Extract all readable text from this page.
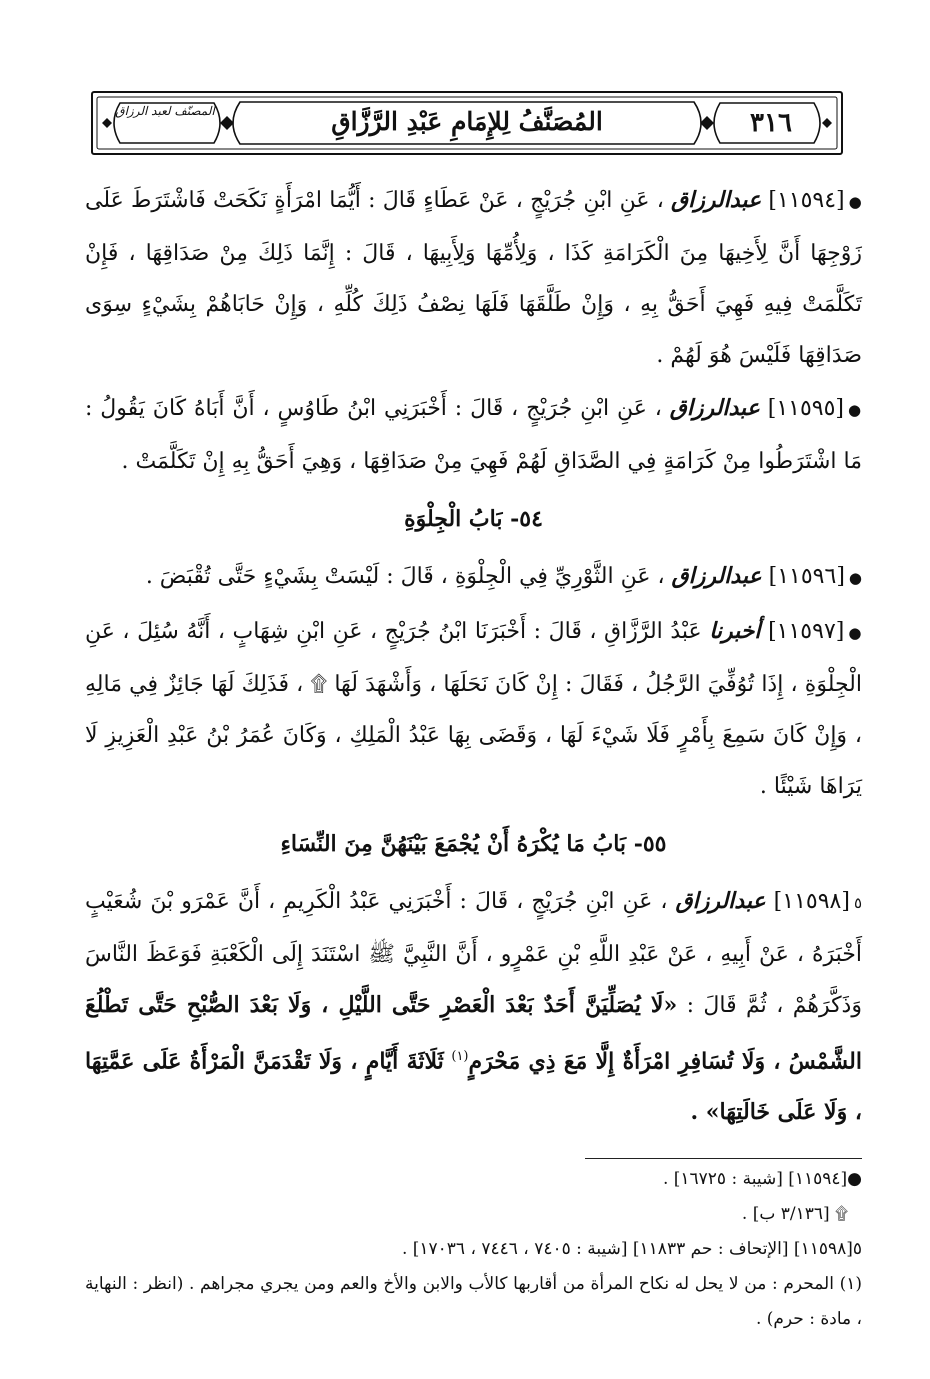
٣١٦
المُصَنَّفُ لِلإِمَامِ عَبْدِ الرَّزَّاقِ
المصنّف لعبد الرزاق

●[١١٥٩٤] عبدالرزاق ، عَنِ ابْنِ جُرَيْجٍ ، عَنْ عَطَاءٍ قَالَ : أَيُّمَا امْرَأَةٍ نَكَحَتْ فَاشْتَرَطَ عَلَى زَوْجِهَا أَنَّ لِأَخِيهَا مِنَ الْكَرَامَةِ كَذَا ، وَلِأُمِّهَا وَلِأَبِيهَا ، قَالَ : إِنَّمَا ذَلِكَ مِنْ صَدَاقِهَا ، فَإِنْ تَكَلَّمَتْ فِيهِ فَهِيَ أَحَقُّ بِهِ ، وَإِنْ طَلَّقَهَا فَلَهَا نِصْفُ ذَلِكَ كُلِّهِ ، وَإِنْ حَابَاهُمْ بِشَيْءٍ سِوَى صَدَاقِهَا فَلَيْسَ هُوَ لَهُمْ .

●[١١٥٩٥] عبدالرزاق ، عَنِ ابْنِ جُرَيْجٍ ، قَالَ : أَخْبَرَنِي ابْنُ طَاوُسٍ ، أَنَّ أَبَاهُ كَانَ يَقُولُ : مَا اشْتَرَطُوا مِنْ كَرَامَةٍ فِي الصَّدَاقِ لَهُمْ فَهِيَ مِنْ صَدَاقِهَا ، وَهِيَ أَحَقُّ بِهِ إِنْ تَكَلَّمَتْ .

٥٤- بَابُ الْجِلْوَةِ

●[١١٥٩٦] عبدالرزاق ، عَنِ الثَّوْرِيِّ فِي الْجِلْوَةِ ، قَالَ : لَيْسَتْ بِشَيْءٍ حَتَّى تُقْبَضَ .

●[١١٥٩٧] أخبرنا عَبْدُ الرَّزَّاقِ ، قَالَ : أَخْبَرَنَا ابْنُ جُرَيْجٍ ، عَنِ ابْنِ شِهَابٍ ، أَنَّهُ سُئِلَ ، عَنِ الْجِلْوَةِ ، إِذَا تُوُفِّيَ الرَّجُلُ ، فَقَالَ : إِنْ كَانَ نَحَلَهَا ، وَأَشْهَدَ لَهَا ۩ ، فَذَلِكَ لَهَا جَائِزٌ فِي مَالِهِ ، وَإِنْ كَانَ سَمِعَ بِأَمْرٍ فَلَا شَيْءَ لَهَا ، وَقَضَى بِهَا عَبْدُ الْمَلِكِ ، وَكَانَ عُمَرُ بْنُ عَبْدِ الْعَزِيزِ لَا يَرَاهَا شَيْئًا .

٥٥- بَابُ مَا يُكْرَهُ أَنْ يُجْمَعَ بَيْنَهُنَّ مِنَ النِّسَاءِ

٥[١١٥٩٨] عبدالرزاق ، عَنِ ابْنِ جُرَيْجٍ ، قَالَ : أَخْبَرَنِي عَبْدُ الْكَرِيمِ ، أَنَّ عَمْرَو بْنَ شُعَيْبٍ أَخْبَرَهُ ، عَنْ أَبِيهِ ، عَنْ عَبْدِ اللَّهِ بْنِ عَمْرٍو ، أَنَّ النَّبِيَّ ﷺ اسْتَنَدَ إِلَى الْكَعْبَةِ فَوَعَظَ النَّاسَ وَذَكَّرَهُمْ ، ثُمَّ قَالَ : «لَا يُصَلِّيَنَّ أَحَدٌ بَعْدَ الْعَصْرِ حَتَّى اللَّيْلِ ، وَلَا بَعْدَ الصُّبْحِ حَتَّى تَطْلُعَ الشَّمْسُ ، وَلَا تُسَافِرِ امْرَأَةٌ إِلَّا مَعَ ذِي مَحْرَمٍ$^{(١)}$ ثَلَاثَةَ أَيَّامٍ ، وَلَا تَقْدَمَنَّ الْمَرْأَةُ عَلَى عَمَّتِهَا ، وَلَا عَلَى خَالَتِهَا» .

●[١١٥٩٤] [شيبة : ١٦٧٢٥] .

۩ [٣/١٣٦ ب] .

٥[١١٥٩٨] [الإتحاف : حم ١١٨٣٣] [شيبة : ٧٤٠٥ ، ٧٤٤٦ ، ١٧٠٣٦] .

(١) المحرم : من لا يحل له نكاح المرأة من أقاربها كالأب والابن والأخ والعم ومن يجري مجراهم . (انظر : النهاية ، مادة : حرم) .
